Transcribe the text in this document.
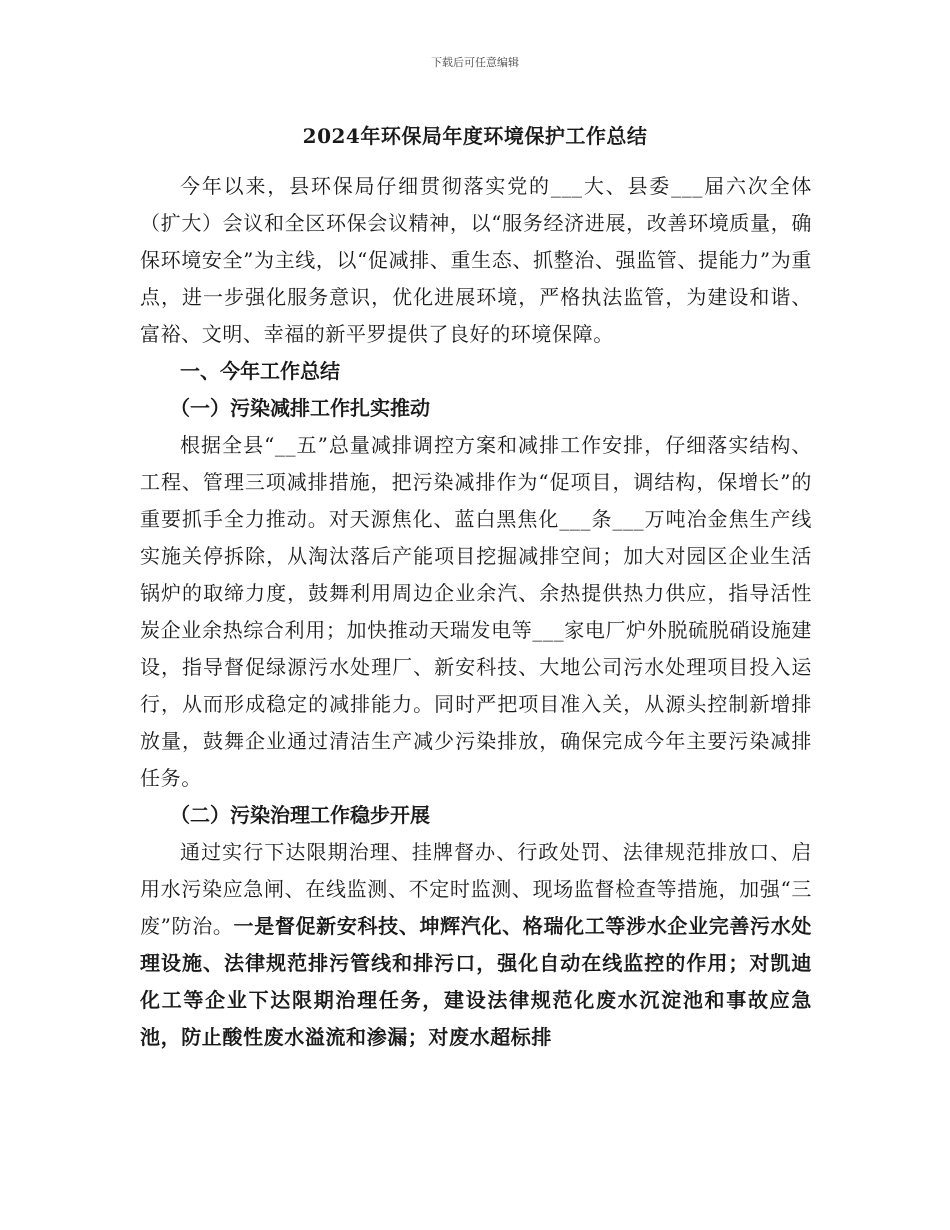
下载后可任意编辑
2024年环保局年度环境保护工作总结

今年以来，县环保局仔细贯彻落实党的___大、县委___届六次全体（扩大）会议和全区环保会议精神，以“服务经济进展，改善环境质量，确保环境安全”为主线，以“促减排、重生态、抓整治、强监管、提能力”为重点，进一步强化服务意识，优化进展环境，严格执法监管，为建设和谐、富裕、文明、幸福的新平罗提供了良好的环境保障。

一、今年工作总结
（一）污染减排工作扎实推动

根据全县“__五”总量减排调控方案和减排工作安排，仔细落实结构、工程、管理三项减排措施，把污染减排作为“促项目，调结构，保增长”的重要抓手全力推动。对天源焦化、蓝白黑焦化___条___万吨冶金焦生产线实施关停拆除，从淘汰落后产能项目挖掘减排空间；加大对园区企业生活锅炉的取缔力度，鼓舞利用周边企业余汽、余热提供热力供应，指导活性炭企业余热综合利用；加快推动天瑞发电等___家电厂炉外脱硫脱硝设施建设，指导督促绿源污水处理厂、新安科技、大地公司污水处理项目投入运行，从而形成稳定的减排能力。同时严把项目准入关，从源头控制新增排放量，鼓舞企业通过清洁生产减少污染排放，确保完成今年主要污染减排任务。

（二）污染治理工作稳步开展

通过实行下达限期治理、挂牌督办、行政处罚、法律规范排放口、启用水污染应急闸、在线监测、不定时监测、现场监督检查等措施，加强“三废”防治。一是督促新安科技、坤辉汽化、格瑞化工等涉水企业完善污水处理设施、法律规范排污管线和排污口，强化自动在线监控的作用；对凯迪化工等企业下达限期治理任务，建设法律规范化废水沉淀池和事故应急池，防止酸性废水溢流和渗漏；对废水超标排
